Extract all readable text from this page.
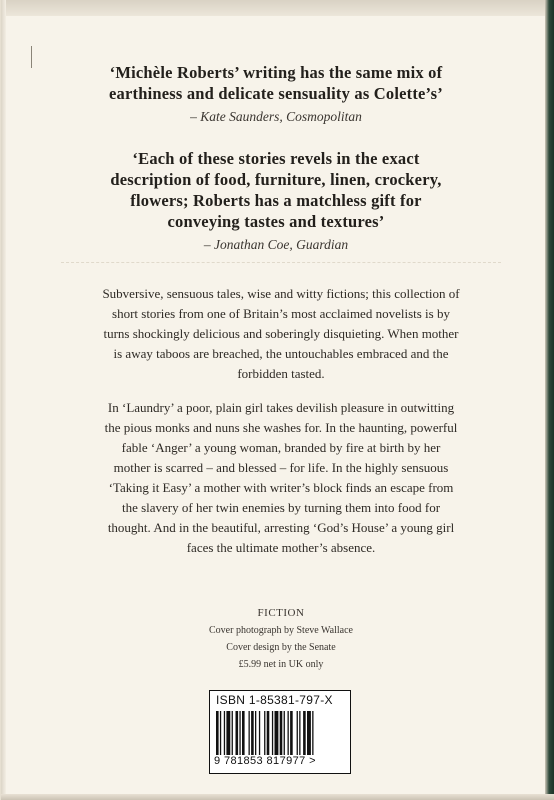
‘Michèle Roberts’ writing has the same mix of
earthiness and delicate sensuality as Colette’s’
– Kate Saunders, Cosmopolitan
‘Each of these stories revels in the exact
description of food, furniture, linen, crockery,
flowers; Roberts has a matchless gift for
conveying tastes and textures’
– Jonathan Coe, Guardian
Subversive, sensuous tales, wise and witty fictions; this collection of
short stories from one of Britain’s most acclaimed novelists is by
turns shockingly delicious and soberingly disquieting. When mother
is away taboos are breached, the untouchables embraced and the
forbidden tasted.
In ‘Laundry’ a poor, plain girl takes devilish pleasure in outwitting
the pious monks and nuns she washes for. In the haunting, powerful
fable ‘Anger’ a young woman, branded by fire at birth by her
mother is scarred – and blessed – for life. In the highly sensuous
‘Taking it Easy’ a mother with writer’s block finds an escape from
the slavery of her twin enemies by turning them into food for
thought. And in the beautiful, arresting ‘God’s House’ a young girl
faces the ultimate mother’s absence.
FICTION
Cover photograph by Steve Wallace
Cover design by the Senate
£5.99 net in UK only
ISBN 1-85381-797-X
9 781853 817977 >
